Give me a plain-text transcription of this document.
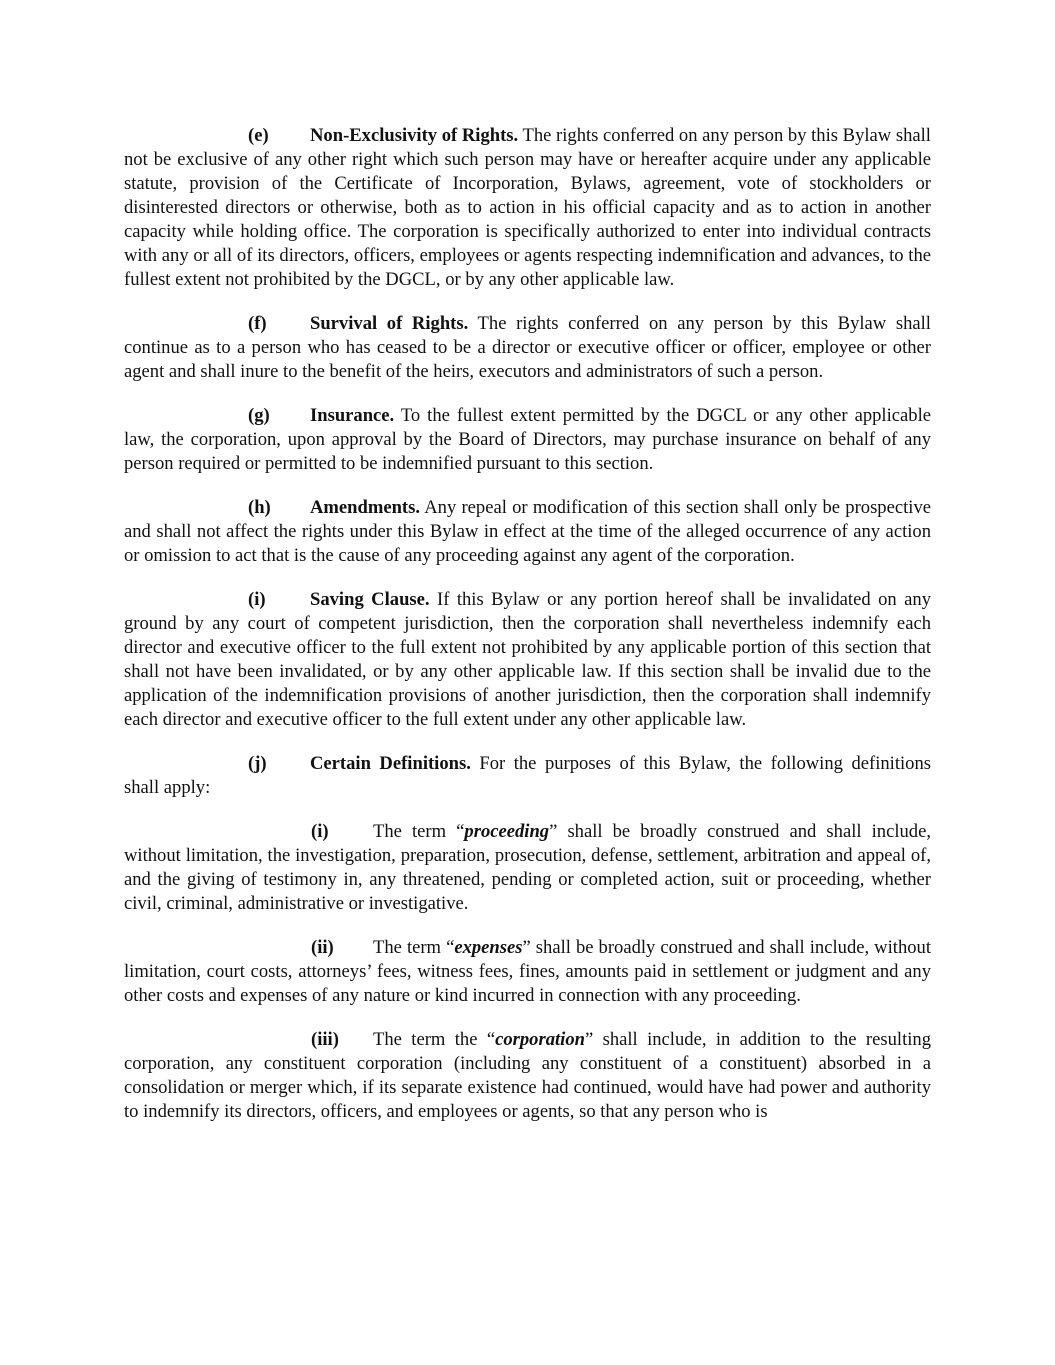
(e) Non-Exclusivity of Rights. The rights conferred on any person by this Bylaw shall not be exclusive of any other right which such person may have or hereafter acquire under any applicable statute, provision of the Certificate of Incorporation, Bylaws, agreement, vote of stockholders or disinterested directors or otherwise, both as to action in his official capacity and as to action in another capacity while holding office. The corporation is specifically authorized to enter into individual contracts with any or all of its directors, officers, employees or agents respecting indemnification and advances, to the fullest extent not prohibited by the DGCL, or by any other applicable law.

(f) Survival of Rights. The rights conferred on any person by this Bylaw shall continue as to a person who has ceased to be a director or executive officer or officer, employee or other agent and shall inure to the benefit of the heirs, executors and administrators of such a person.

(g) Insurance. To the fullest extent permitted by the DGCL or any other applicable law, the corporation, upon approval by the Board of Directors, may purchase insurance on behalf of any person required or permitted to be indemnified pursuant to this section.

(h) Amendments. Any repeal or modification of this section shall only be prospective and shall not affect the rights under this Bylaw in effect at the time of the alleged occurrence of any action or omission to act that is the cause of any proceeding against any agent of the corporation.

(i) Saving Clause. If this Bylaw or any portion hereof shall be invalidated on any ground by any court of competent jurisdiction, then the corporation shall nevertheless indemnify each director and executive officer to the full extent not prohibited by any applicable portion of this section that shall not have been invalidated, or by any other applicable law. If this section shall be invalid due to the application of the indemnification provisions of another jurisdiction, then the corporation shall indemnify each director and executive officer to the full extent under any other applicable law.

(j) Certain Definitions. For the purposes of this Bylaw, the following definitions shall apply:

(i) The term “proceeding” shall be broadly construed and shall include, without limitation, the investigation, preparation, prosecution, defense, settlement, arbitration and appeal of, and the giving of testimony in, any threatened, pending or completed action, suit or proceeding, whether civil, criminal, administrative or investigative.

(ii) The term “expenses” shall be broadly construed and shall include, without limitation, court costs, attorneys’ fees, witness fees, fines, amounts paid in settlement or judgment and any other costs and expenses of any nature or kind incurred in connection with any proceeding.

(iii) The term the “corporation” shall include, in addition to the resulting corporation, any constituent corporation (including any constituent of a constituent) absorbed in a consolidation or merger which, if its separate existence had continued, would have had power and authority to indemnify its directors, officers, and employees or agents, so that any person who is
